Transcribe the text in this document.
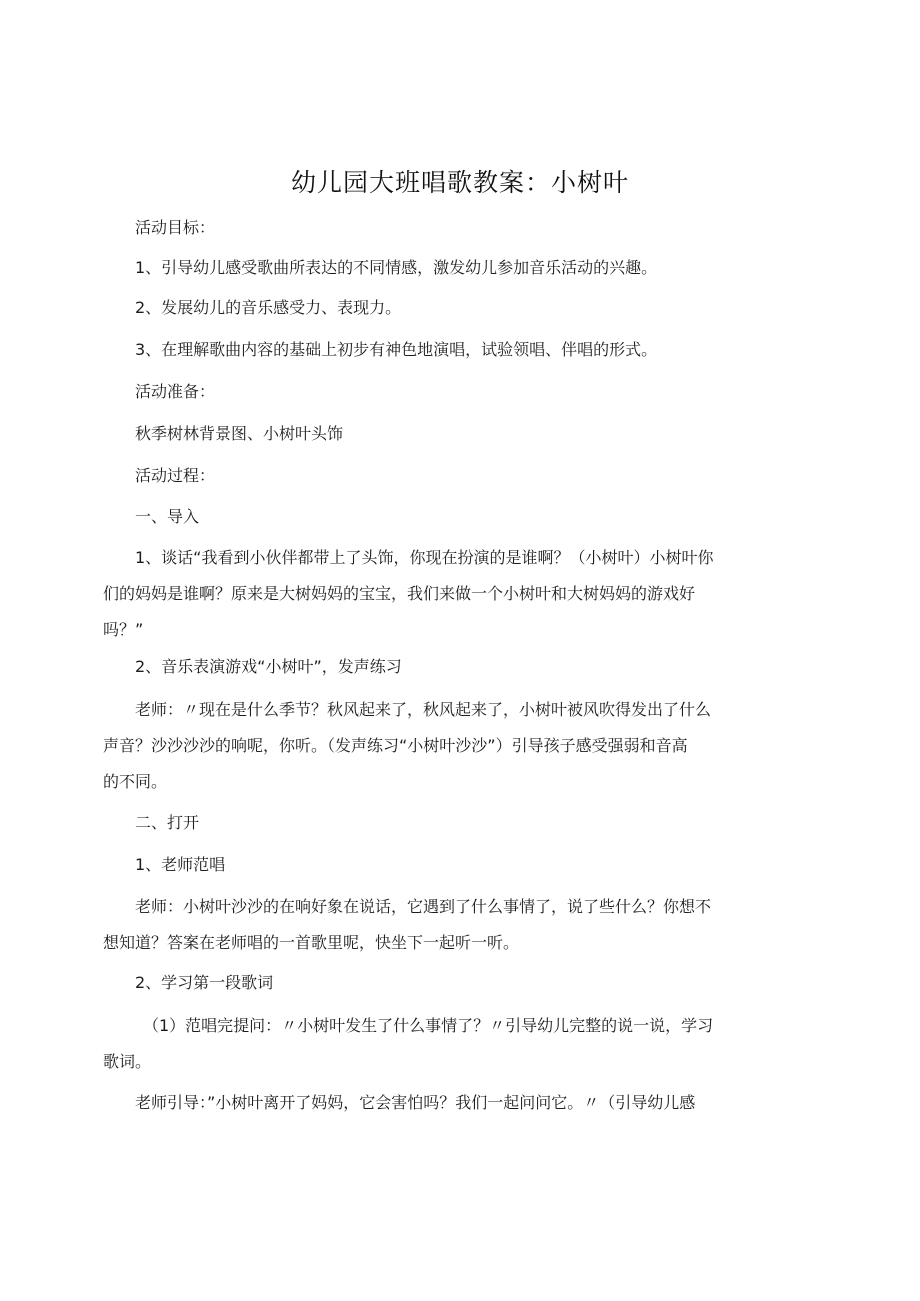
幼儿园大班唱歌教案：小树叶
活动目标：
1、引导幼儿感受歌曲所表达的不同情感，激发幼儿参加音乐活动的兴趣。
2、发展幼儿的音乐感受力、表现力。
3、在理解歌曲内容的基础上初步有神色地演唱，试验领唱、伴唱的形式。
活动准备：
秋季树林背景图、小树叶头饰
活动过程：
一、导入
1、谈话“我看到小伙伴都带上了头饰，你现在扮演的是谁啊？（小树叶）小树叶你
们的妈妈是谁啊？原来是大树妈妈的宝宝，我们来做一个小树叶和大树妈妈的游戏好
吗？”
2、音乐表演游戏“小树叶”，发声练习
老师：〃现在是什么季节？秋风起来了，秋风起来了，小树叶被风吹得发出了什么
声音？沙沙沙沙的响呢，你听。（发声练习“小树叶沙沙”）引导孩子感受强弱和音高
的不同。
二、打开
1、老师范唱
老师：小树叶沙沙的在响好象在说话，它遇到了什么事情了，说了些什么？你想不
想知道？答案在老师唱的一首歌里呢，快坐下一起听一听。
2、学习第一段歌词
（1）范唱完提问：〃小树叶发生了什么事情了？〃引导幼儿完整的说一说，学习
歌词。
老师引导：”小树叶离开了妈妈，它会害怕吗？我们一起问问它。〃（引导幼儿感
